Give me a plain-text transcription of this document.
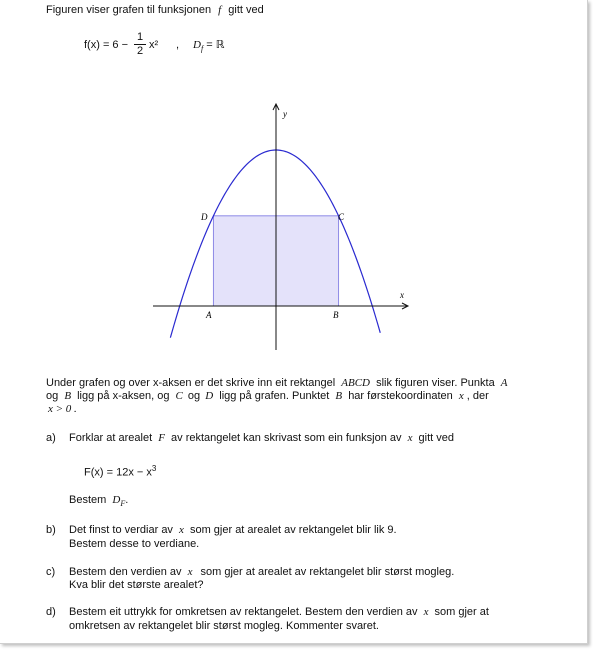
Figuren viser grafen til funksjonen f gitt ved
f(x) = 6 −
1
2 x² , $D_f$ = ℝ
y
x
A	B
C
D
Under grafen og over x-aksen er det skrive inn eit rektangel ABCD slik figuren viser. Punkta A
og B ligg på x-aksen, og C og D ligg på grafen. Punktet B har førstekoordinaten x , der
x > 0 .
a) Forklar at arealet F av rektangelet kan skrivast som ein funksjon av x gitt ved
$F(x) = 12x - x^3$
Bestem $D_F$.
b) Det finst to verdiar av x som gjer at arealet av rektangelet blir lik 9.
Bestem desse to verdiane.
c) Bestem den verdien av x som gjer at arealet av rektangelet blir størst mogleg.
Kva blir det største arealet?
d) Bestem eit uttrykk for omkretsen av rektangelet. Bestem den verdien av x som gjer at
omkretsen av rektangelet blir størst mogleg. Kommenter svaret.
